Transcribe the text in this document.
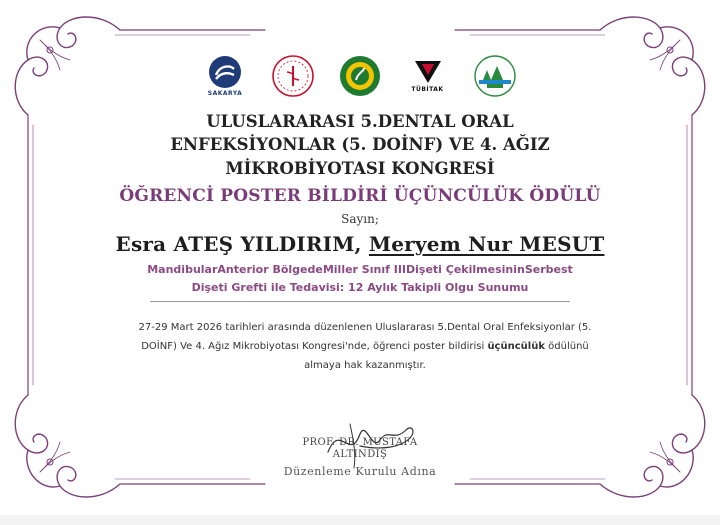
SAKARYA
TÜBİTAK
ULUSLARARASI 5.DENTAL ORAL
ENFEKSİYONLAR (5. DOİNF) VE 4. AĞIZ
MİKROBİYOTASI KONGRESİ
ÖĞRENCİ POSTER BİLDİRİ ÜÇÜNCÜLÜK ÖDÜLÜ
Sayın;
Esra ATEŞ YILDIRIM, Meryem Nur MESUT
MandibularAnterior BölgedeMiller Sınıf IIIDişeti ÇekilmesininSerbest
Dişeti Grefti ile Tedavisi: 12 Aylık Takipli Olgu Sunumu
27-29 Mart 2026 tarihleri arasında düzenlenen Uluslararası 5.Dental Oral Enfeksiyonlar (5.
DOİNF) Ve 4. Ağız Mikrobiyotası Kongresi'nde, öğrenci poster bildirisi üçüncülük ödülünü
almaya hak kazanmıştır.
PROF. DR. MUSTAFA
ALTINDİŞ
Düzenleme Kurulu Adına
